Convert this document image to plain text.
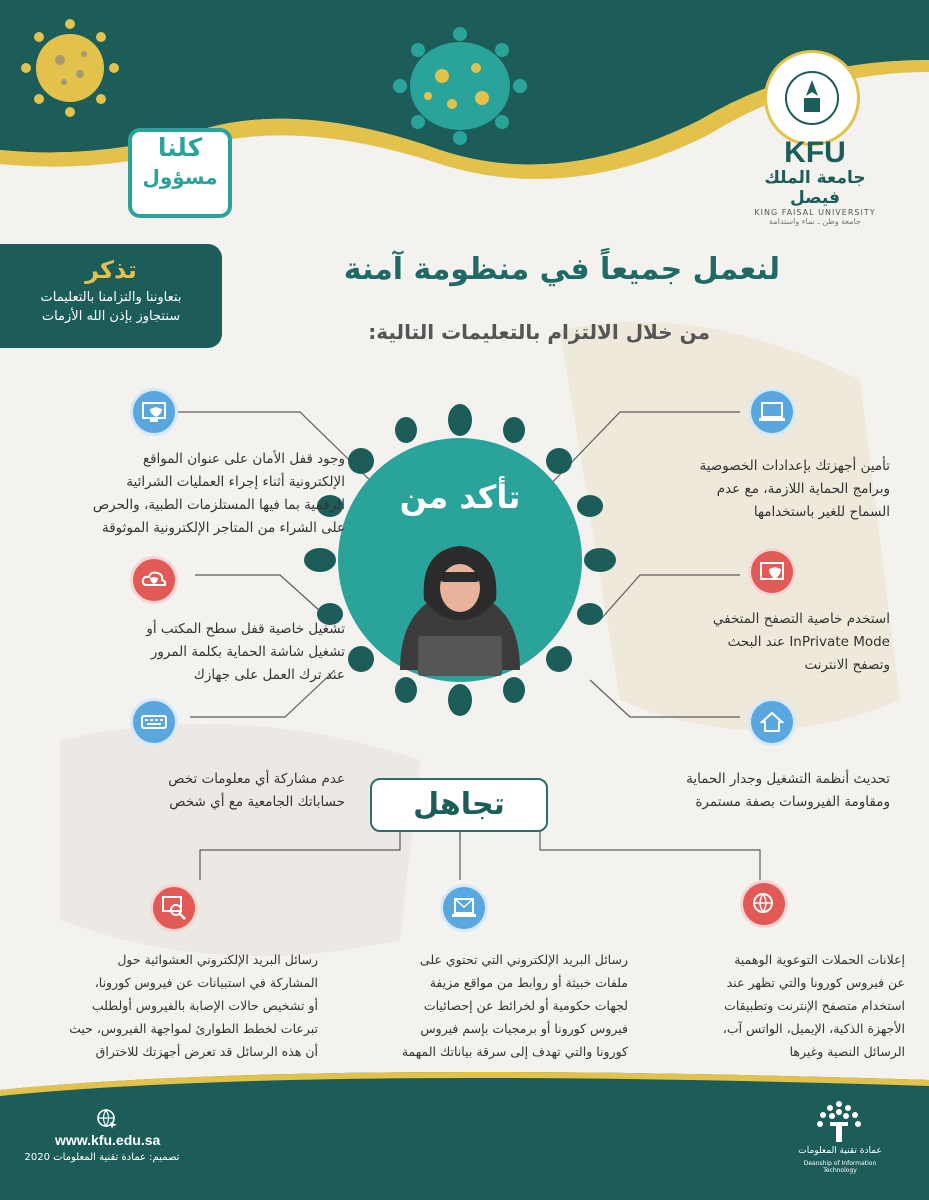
KFU
جامعة الملك فيصل
KING FAISAL UNIVERSITY
جامعة وطن ـ نماء واستدامة
كلنا
مسؤول
تذكر
بتعاوننا والتزامنا بالتعليمات
سنتجاوز بإذن الله الأزمات
لنعمل جميعاً في منظومة آمنة
من خلال الالتزام بالتعليمات التالية:
تأكد من
تأمين أجهزتك بإعدادات الخصوصية
وبرامج الحماية اللازمة، مع عدم
السماح للغير باستخدامها
استخدم خاصية التصفح المتخفي
InPrivate Mode عند البحث
وتصفح الانترنت
تحديث أنظمة التشغيل وجدار الحماية
ومقاومة الفيروسات بصفة مستمرة
وجود قفل الأمان على عنوان المواقع
الإلكترونية أثناء إجراء العمليات الشرائية
الرقمية بما فيها المستلزمات الطبية، والحرص
على الشراء من المتاجر الإلكترونية الموثوقة
تشغيل خاصية قفل سطح المكتب أو
تشغيل شاشة الحماية بكلمة المرور
عند ترك العمل على جهازك
عدم مشاركة أي معلومات تخص
حساباتك الجامعية مع أي شخص	تجاهل
إعلانات الحملات التوعوية الوهمية
عن فيروس كورونا والتي تظهر عند
استخدام متصفح الإنترنت وتطبيقات
الأجهزة الذكية، الإيميل، الواتس آب،
الرسائل النصية وغيرها
رسائل البريد الإلكتروني التي تحتوي على
ملفات خبيثة أو روابط من مواقع مزيفة
لجهات حكومية أو لخرائط عن إحصائيات
فيروس كورونا أو برمجيات بإسم فيروس
كورونا والتي تهدف إلى سرقة بياناتك المهمة
رسائل البريد الإلكتروني العشوائية حول
المشاركة في استبيانات عن فيروس كورونا،
أو تشخيص حالات الإصابة بالفيروس أولطلب
تبرعات لخطط الطوارئ لمواجهة الفيروس، حيث
أن هذه الرسائل قد تعرض أجهزتك للاختراق
www.kfu.edu.sa
تصميم: عمادة تقنية المعلومات 2020
عمادة تقنية المعلومات
Deanship of Information Technology
